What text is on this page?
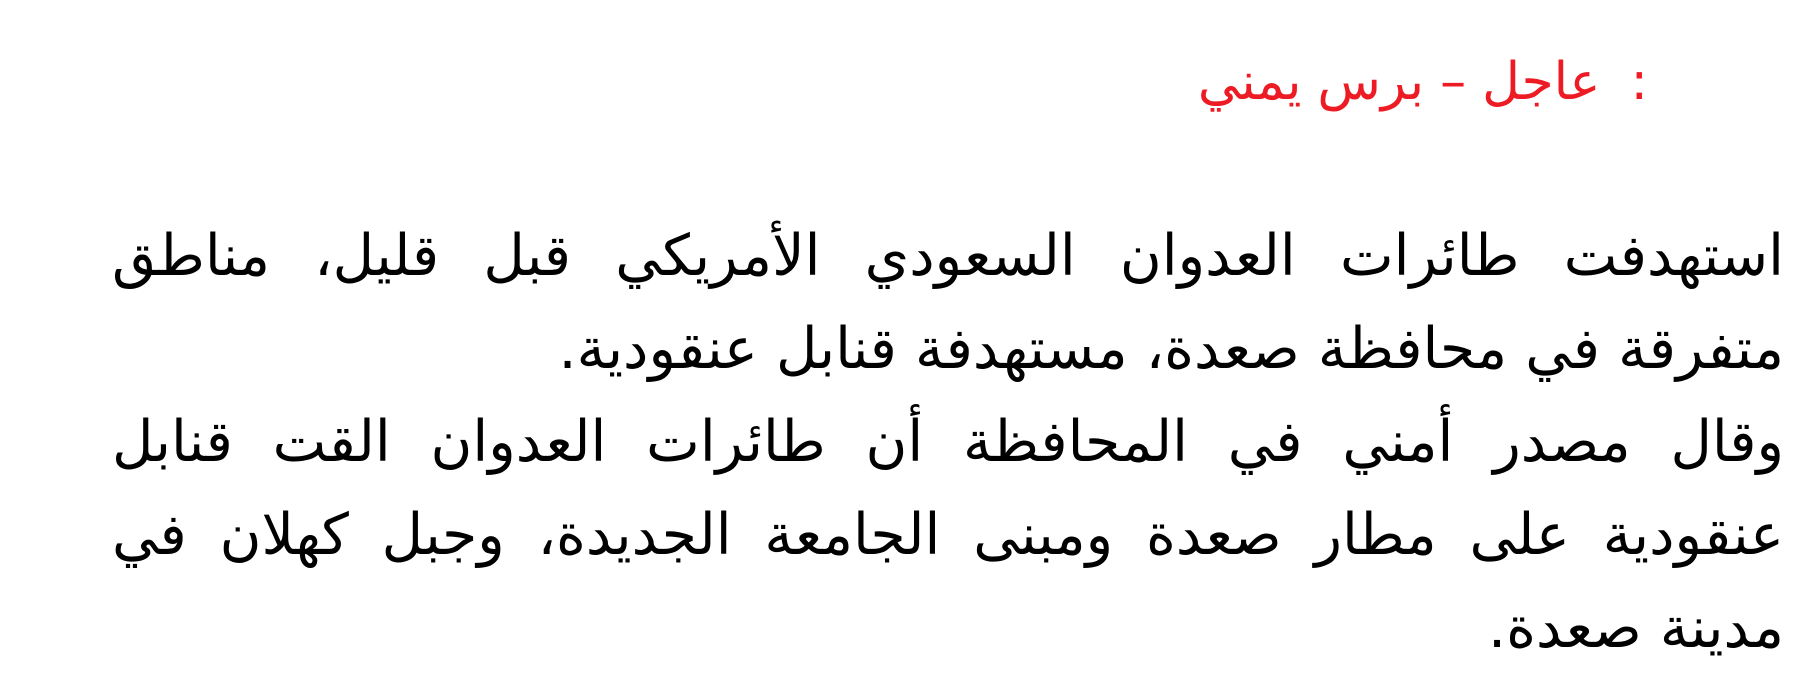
يمني برس – عاجل :

استهدفت طائرات العدوان السعودي الأمريكي قبل قليل، مناطق متفرقة في محافظة صعدة، مستهدفة قنابل عنقودية.

وقال مصدر أمني في المحافظة أن طائرات العدوان القت قنابل عنقودية على مطار صعدة ومبنى الجامعة الجديدة، وجبل كهلان في مدينة صعدة.
